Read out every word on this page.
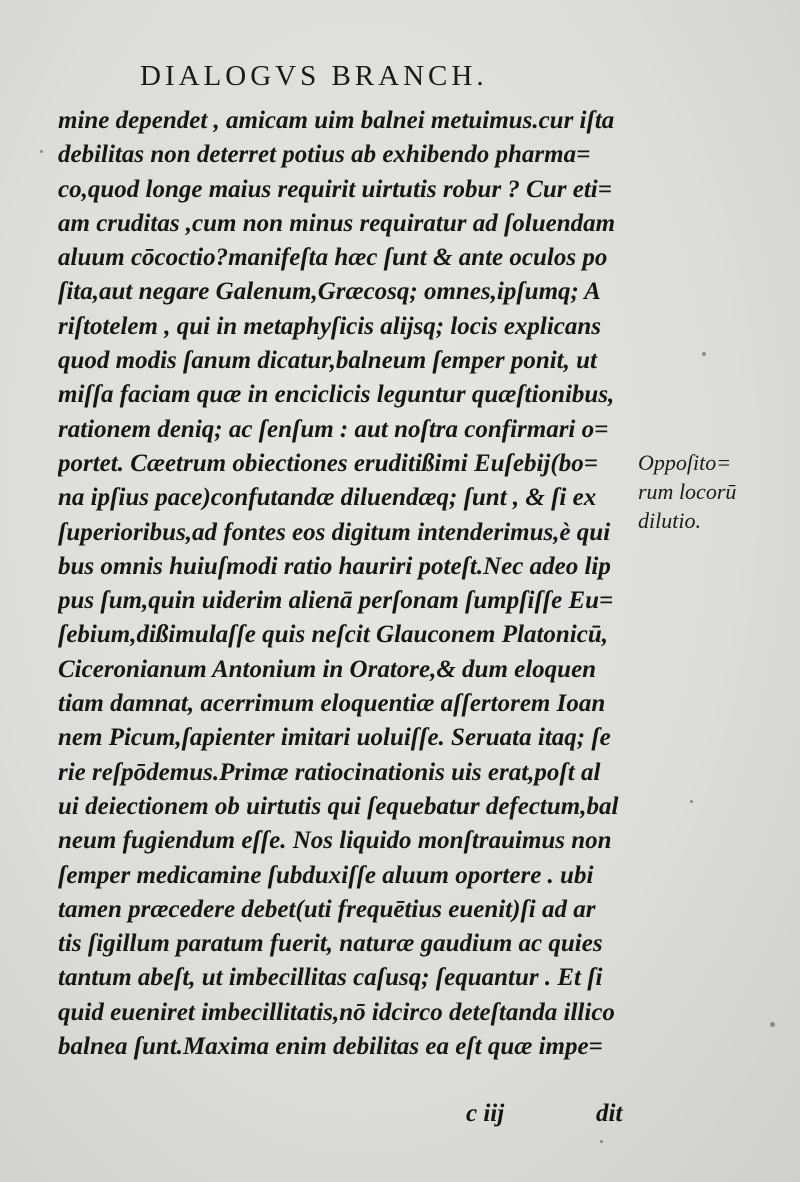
DIALOGVS BRANCH.
mine dependet , amicam uim balnei metuimus.cur iſta
debilitas non deterret potius ab exhibendo pharma=
co,quod longe maius requirit uirtutis robur ? Cur eti=
am cruditas ,cum non minus requiratur ad ſoluendam
aluum cōcoctio?manifeſta hæc ſunt & ante oculos po
ſita,aut negare Galenum,Græcosq; omnes,ipſumq; A
riſtotelem , qui in metaphyſicis alijsq; locis explicans
quod modis ſanum dicatur,balneum ſemper ponit, ut
miſſa faciam quæ in enciclicis leguntur quæſtionibus,
rationem deniq; ac ſenſum : aut noſtra confirmari o=
portet. Cæetrum obiectiones eruditißimi Euſebij(bo=
na ipſius pace)confutandæ diluendæq; ſunt , & ſi ex
ſuperioribus,ad fontes eos digitum intenderimus,è qui
bus omnis huiuſmodi ratio hauriri poteſt.Nec adeo lip
pus ſum,quin uiderim alienā perſonam ſumpſiſſe Eu=
ſebium,dißimulaſſe quis neſcit Glauconem Platonicū,
Ciceronianum Antonium in Oratore,& dum eloquen
tiam damnat, acerrimum eloquentiæ aſſertorem Ioan
nem Picum,ſapienter imitari uoluiſſe. Seruata itaq; ſe
rie reſpōdemus.Primæ ratiocinationis uis erat,poſt al
ui deiectionem ob uirtutis qui ſequebatur defectum,bal
neum fugiendum eſſe. Nos liquido monſtrauimus non
ſemper medicamine ſubduxiſſe aluum oportere . ubi
tamen præcedere debet(uti frequētius euenit)ſi ad ar
tis ſigillum paratum fuerit, naturæ gaudium ac quies
tantum abeſt, ut imbecillitas caſusq; ſequantur . Et ſi
quid eueniret imbecillitatis,nō idcirco deteſtanda illico
balnea ſunt.Maxima enim debilitas ea eſt quæ impe=
Oppoſito=
rum locorū
dilutio.
c iij	dit
